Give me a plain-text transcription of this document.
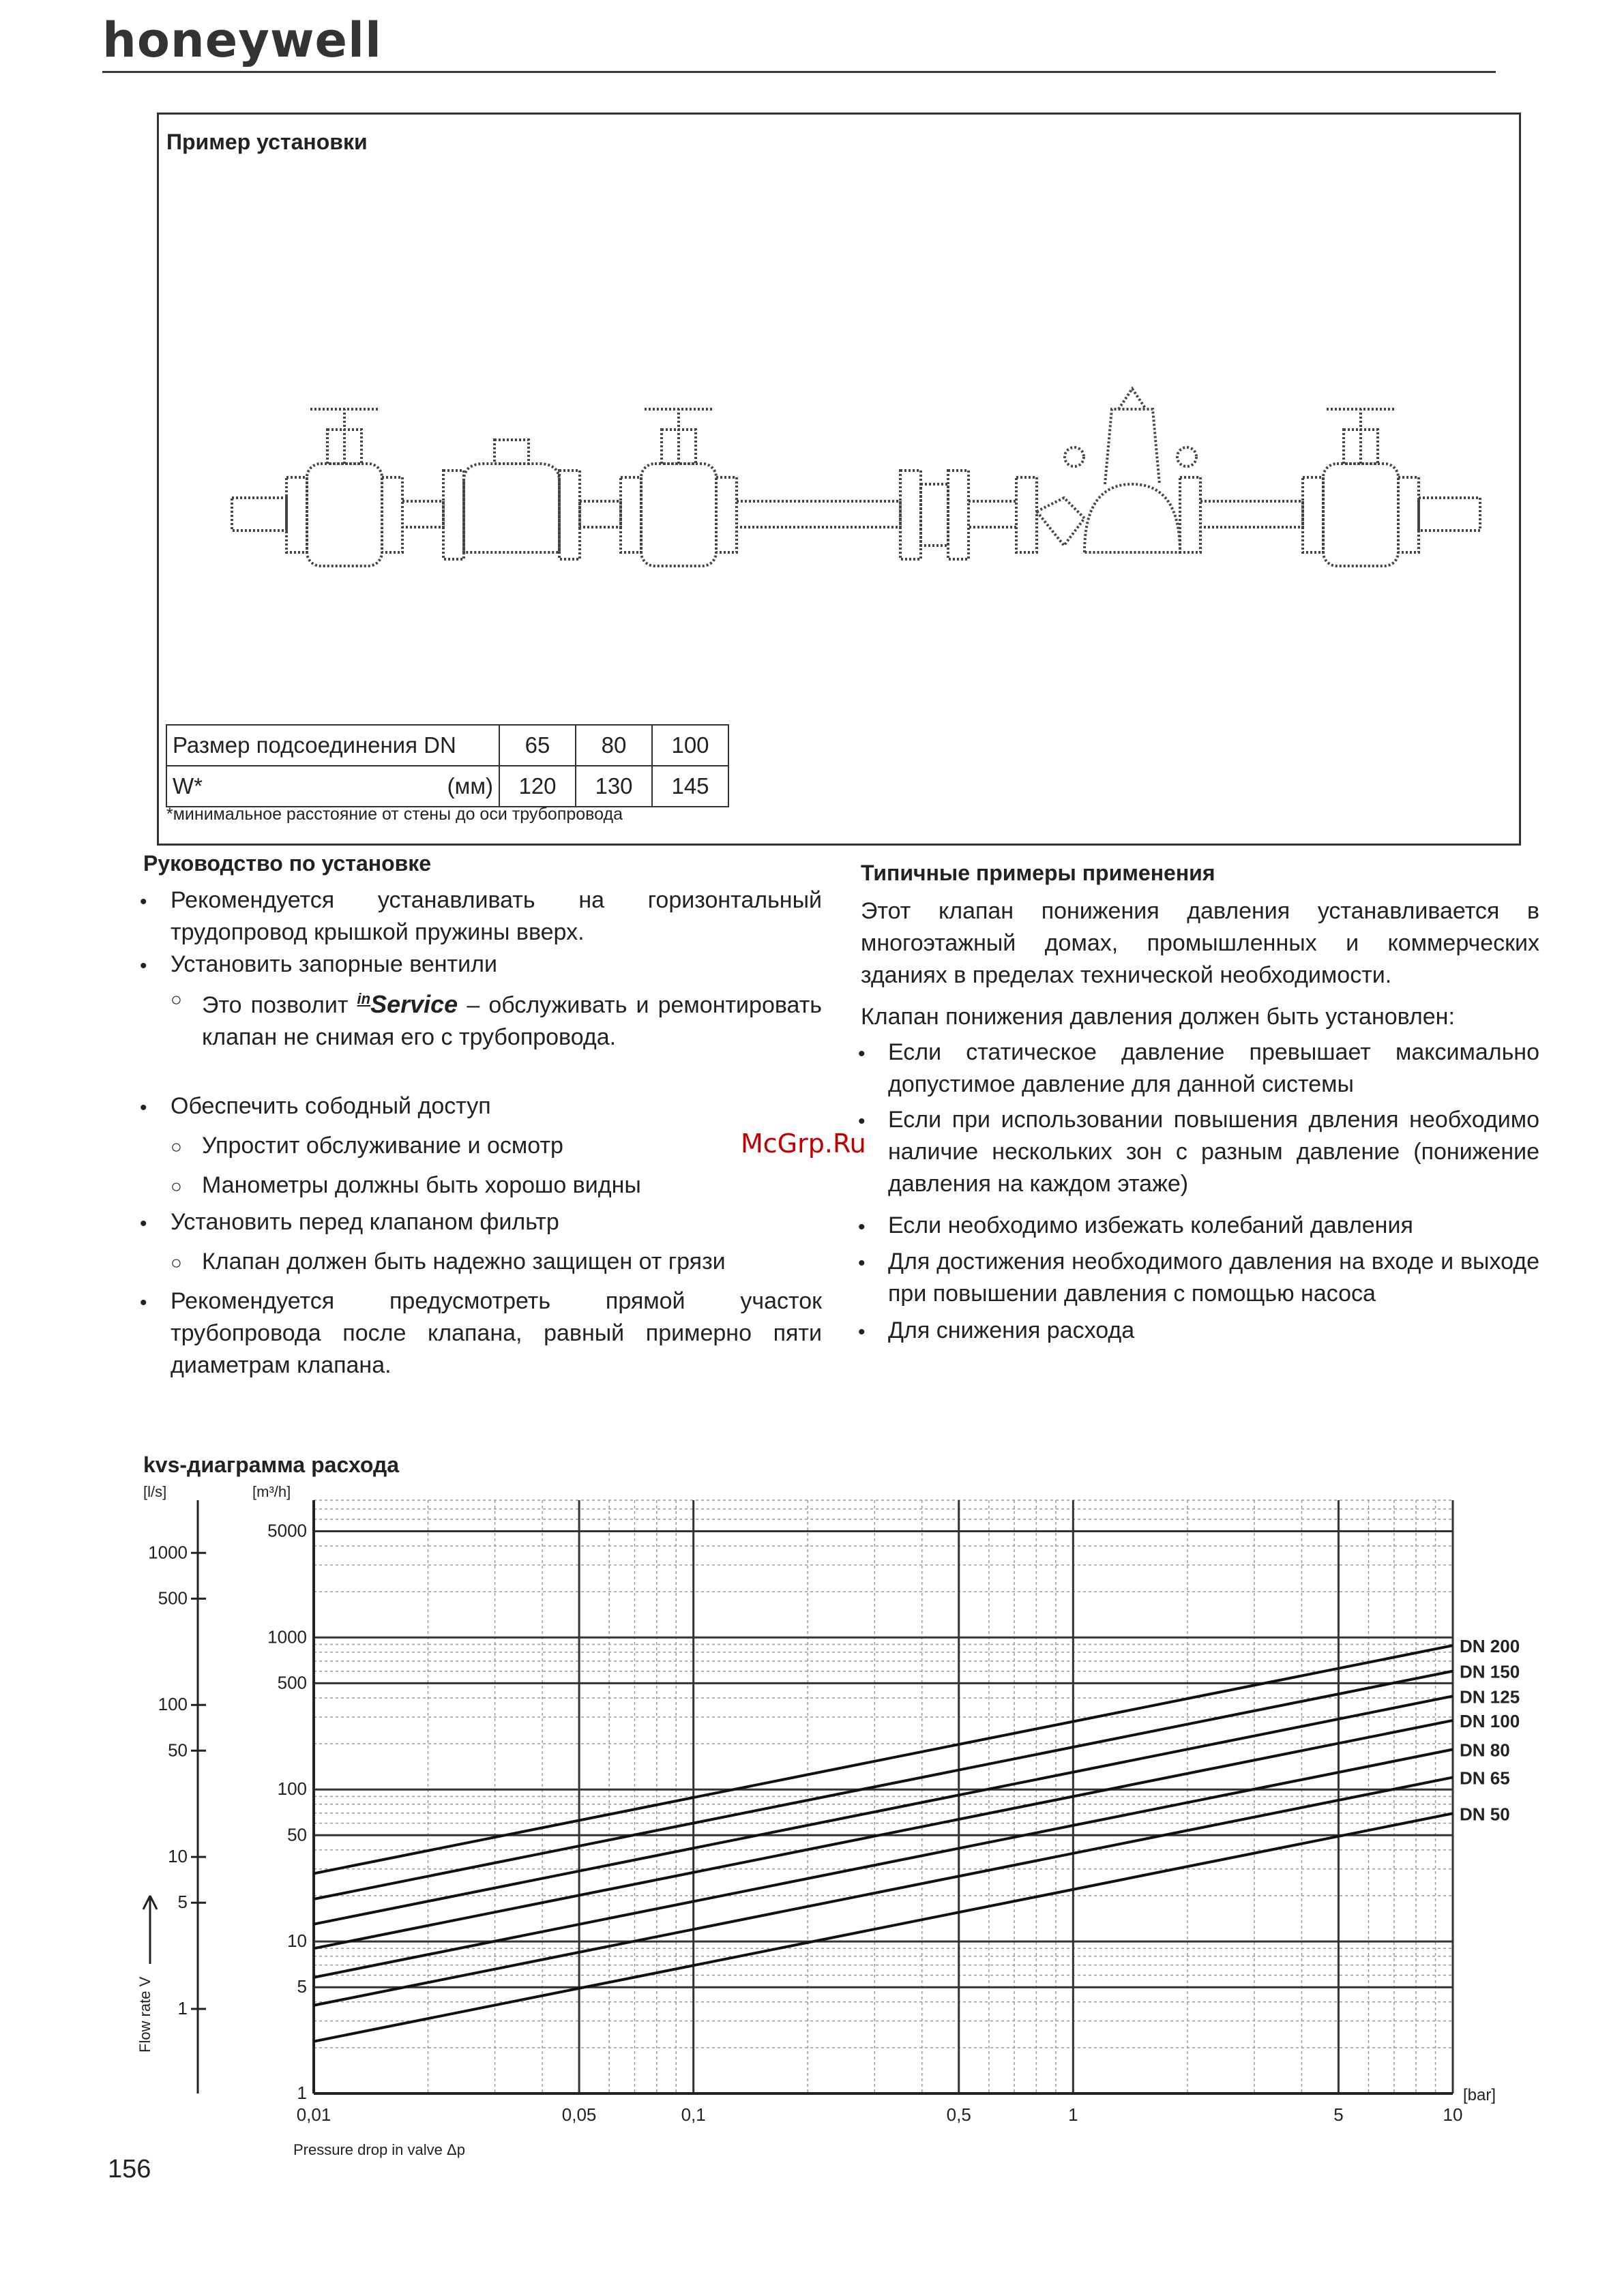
honeywell
Пример установки
Размер подсоединения DN	65	80	100
W* (мм)	120	130	145
*минимальное расстояние от стены до оси трубопровода
Руководство по установке
• Рекомендуется устанавливать на горизонтальный трудопровод крышкой пружины вверх.
• Установить запорные вентили
○ Это позволит $^{in}$Service – обслуживать и ремонтировать клапан не снимая его с трубопровода.
• Обеспечить сободный доступ
○ Упростит обслуживание и осмотр
○ Манометры должны быть хорошо видны
• Установить перед клапаном фильтр
○ Клапан должен быть надежно защищен от грязи
• Рекомендуется предусмотреть прямой участок трубопровода после клапана, равный примерно пяти диаметрам клапана.
Типичные примеры применения
Этот клапан понижения давления устанавливается в многоэтажный домах, промышленных и коммерческих зданиях в пределах технической необходимости.
Клапан понижения давления должен быть установлен:
• Если статическое давление превышает максимально допустимое давление для данной системы
• Если при использовании повышения двления необходимо наличие нескольких зон с разным давление (понижение давления на каждом этаже)
• Если необходимо избежать колебаний давления
• Для достижения необходимого давления на входе и выходе при повышении давления с помощью насоса
• Для снижения расхода
McGrp.Ru
kvs-диаграмма расхода
0,01	0,05	0,1	0,5	1	5	10
[bar]
Pressure drop in valve Δp
5000
1000
500
100
50
10
5
1
[m³/h]
1000
500
100
50
10
5
1
[l/s]
Flow rate V
DN 200
DN 150
DN 125
DN 100
DN 80
DN 65
DN 50
156
